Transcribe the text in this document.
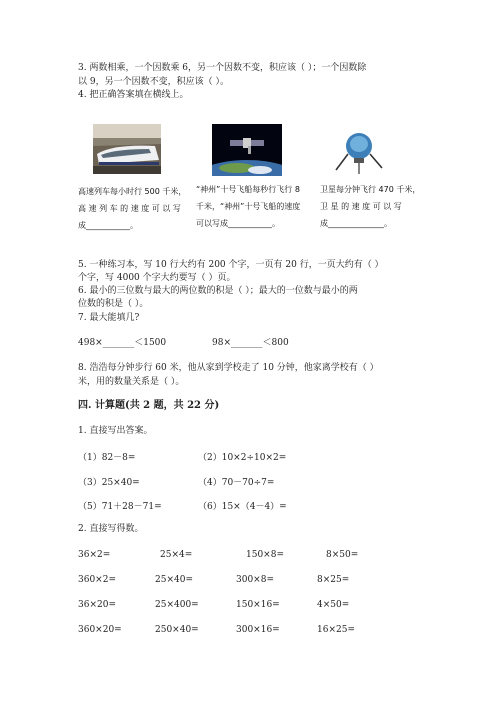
3. 两数相乘，一个因数乘 6，另一个因数不变，积应该（ ）；一个因数除
以 9，另一个因数不变，积应该（ ）。
4. 把正确答案填在横线上。
高速列车每小时行 500 千米，
高 速 列 车 的 速 度 可 以 写
成___________。
“神州”十号飞船每秒行飞行 8
千米，“神州”十号飞船的速度
可以写成___________。
卫星每分钟飞行 470 千米，
卫 星 的 速 度 可 以 写
成______________。
5. 一种练习本，写 10 行大约有 200 个字，一页有 20 行，一页大约有（ ）
个字，写 4000 个字大约要写（ ）页。
6. 最小的三位数与最大的两位数的积是（ ）；最大的一位数与最小的两
位数的积是（ ）。
7. 最大能填几?
498×_______＜1500	98×_______＜800
8. 浩浩每分钟步行 60 米，他从家到学校走了 10 分钟，他家离学校有（ ）
米，用的数量关系是（ ）。
四. 计算题(共 2 题，共 22 分)
1. 直接写出答案。
（1）82－8=	（2）10×2÷10×2=
（3）25×40=	（4）70－70÷7=
（5）71＋28－71=	（6）15×（4－4）=
2. 直接写得数。
36×2=	25×4=	150×8=	8×50=
360×2=	25×40=	300×8=	8×25=
36×20=	25×400=	150×16=	4×50=
360×20=	250×40=	300×16=	16×25=
